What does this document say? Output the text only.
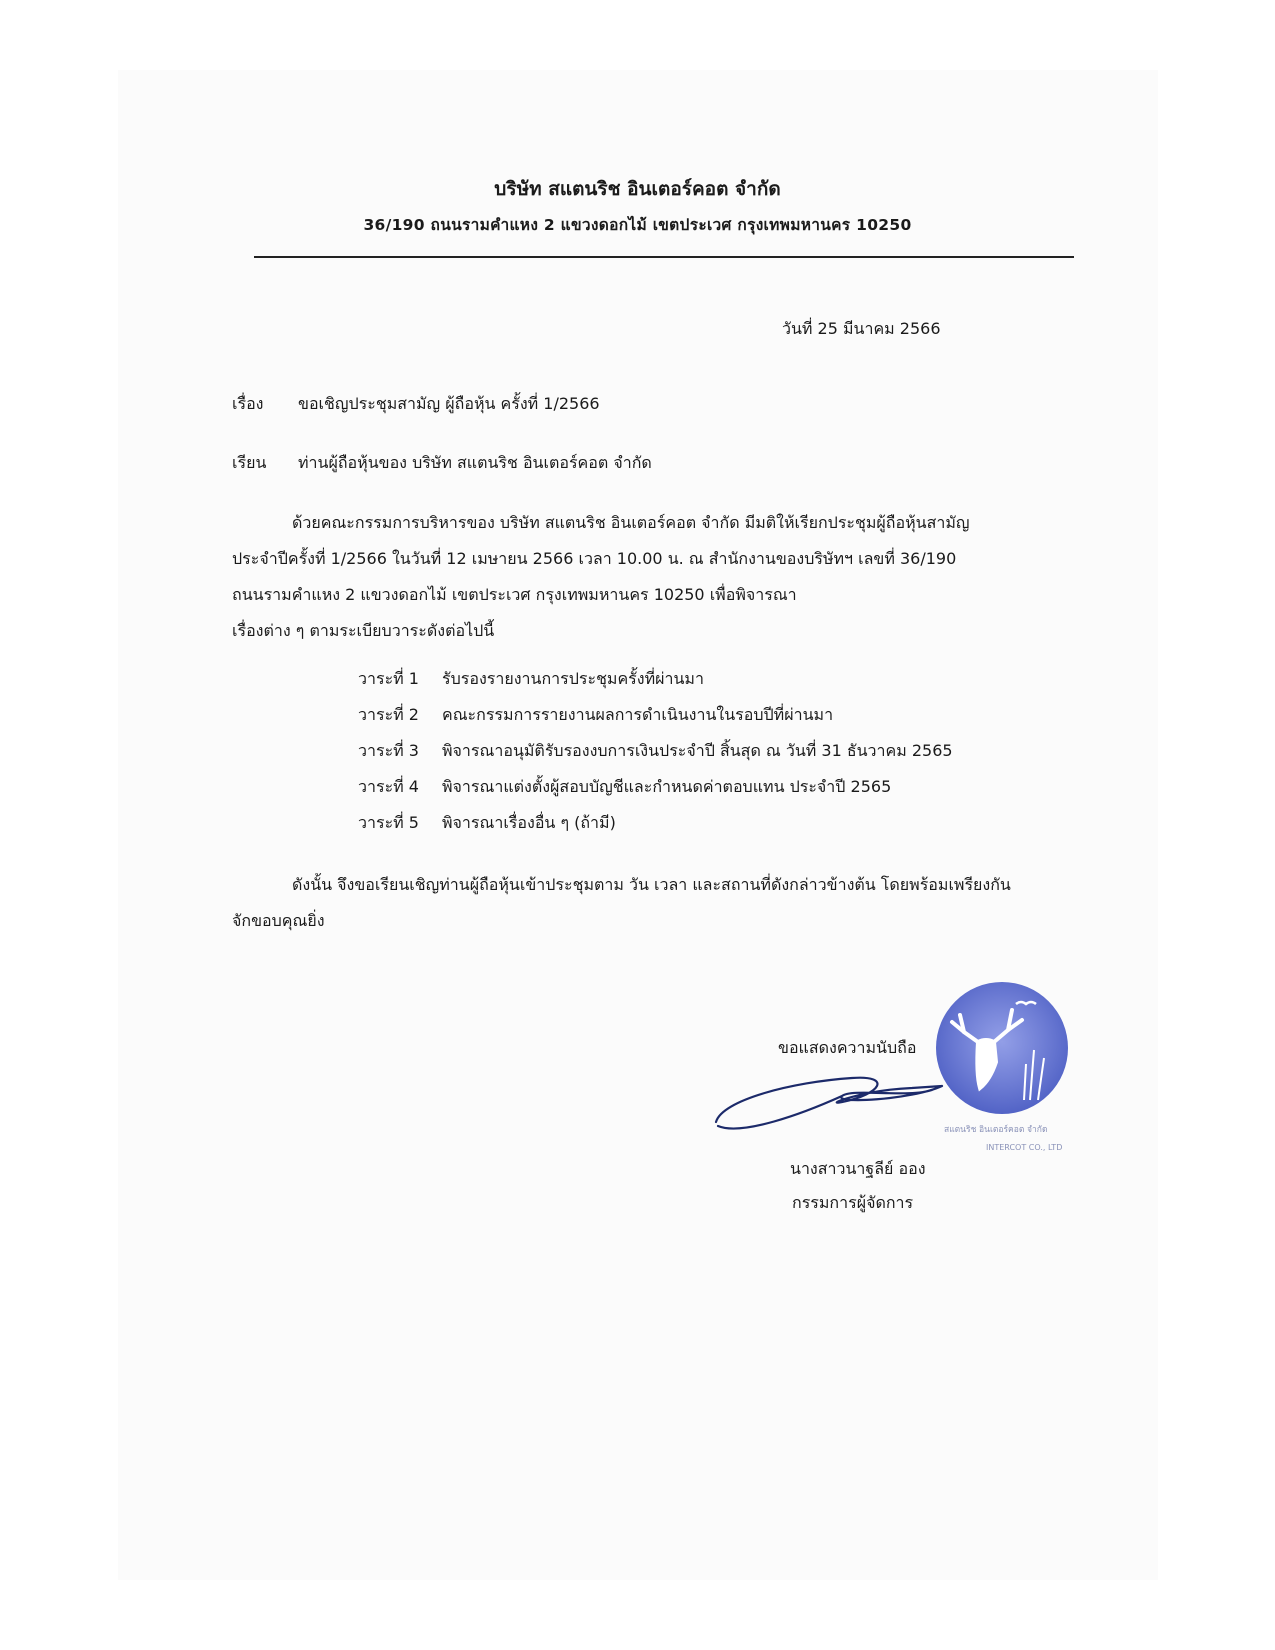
บริษัท สแตนริช อินเตอร์คอต จำกัด
36/190 ถนนรามคำแหง 2 แขวงดอกไม้ เขตประเวศ กรุงเทพมหานคร 10250
วันที่ 25 มีนาคม 2566
เรื่อง ขอเชิญประชุมสามัญ ผู้ถือหุ้น ครั้งที่ 1/2566
เรียน ท่านผู้ถือหุ้นของ บริษัท สแตนริช อินเตอร์คอต จำกัด
ด้วยคณะกรรมการบริหารของ บริษัท สแตนริช อินเตอร์คอต จำกัด มีมติให้เรียกประชุมผู้ถือหุ้นสามัญ
ประจำปีครั้งที่ 1/2566 ในวันที่ 12 เมษายน 2566 เวลา 10.00 น. ณ สำนักงานของบริษัทฯ เลขที่ 36/190
ถนนรามคำแหง 2 แขวงดอกไม้ เขตประเวศ กรุงเทพมหานคร 10250 เพื่อพิจารณา
เรื่องต่าง ๆ ตามระเบียบวาระดังต่อไปนี้
วาระที่ 1 รับรองรายงานการประชุมครั้งที่ผ่านมา
วาระที่ 2 คณะกรรมการรายงานผลการดำเนินงานในรอบปีที่ผ่านมา
วาระที่ 3 พิจารณาอนุมัติรับรองงบการเงินประจำปี สิ้นสุด ณ วันที่ 31 ธันวาคม 2565
วาระที่ 4 พิจารณาแต่งตั้งผู้สอบบัญชีและกำหนดค่าตอบแทน ประจำปี 2565
วาระที่ 5 พิจารณาเรื่องอื่น ๆ (ถ้ามี)
ดังนั้น จึงขอเรียนเชิญท่านผู้ถือหุ้นเข้าประชุมตาม วัน เวลา และสถานที่ดังกล่าวข้างต้น โดยพร้อมเพรียงกัน
จักขอบคุณยิ่ง
สแตนริช อินเตอร์คอต จำกัด
INTERCOT CO., LTD
ขอแสดงความนับถือ
นางสาวนาฐลีย์ ออง
กรรมการผู้จัดการ
